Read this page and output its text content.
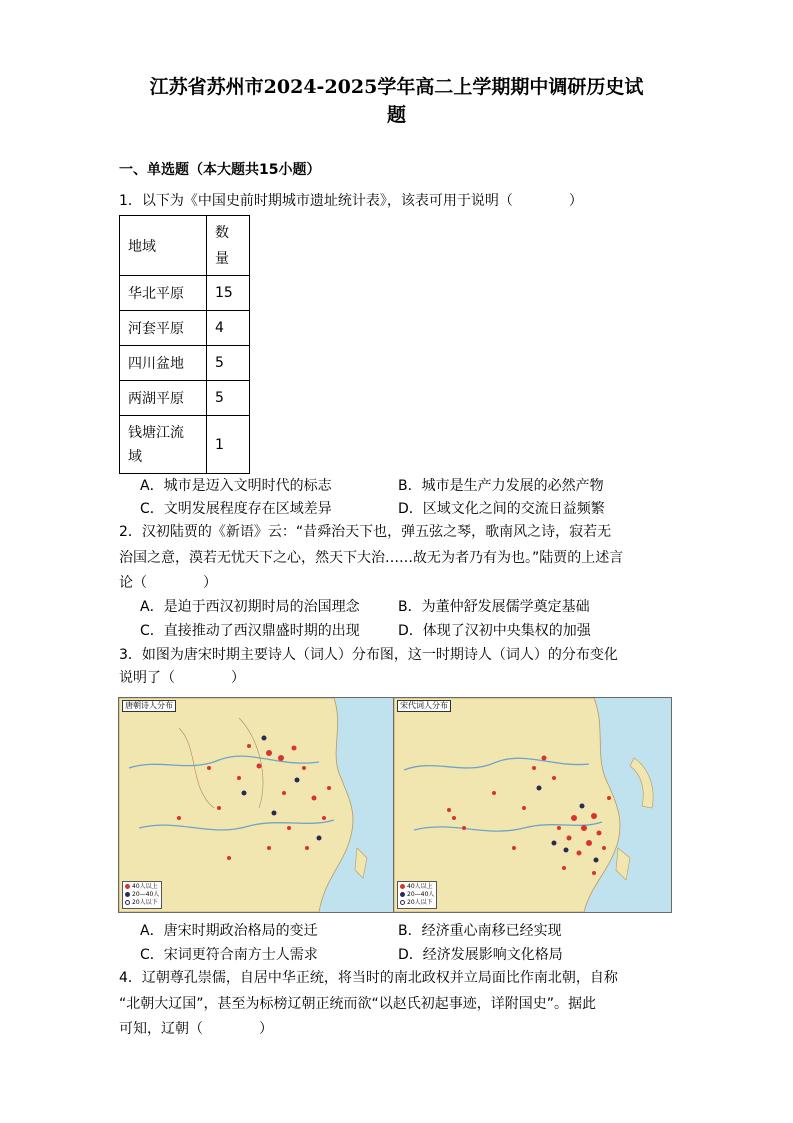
江苏省苏州市2024-2025学年高二上学期期中调研历史试
题
一、单选题（本大题共15小题）
1．以下为《中国史前时期城市遗址统计表》，该表可用于说明（　　　　）
地域	数
量

华北平原	15
河套平原	4
四川盆地	5
两湖平原	5

钱塘江流
域	1
A．城市是迈入文明时代的标志	B．城市是生产力发展的必然产物
C．文明发展程度存在区域差异	D．区域文化之间的交流日益频繁
2．汉初陆贾的《新语》云：“昔舜治天下也，弹五弦之琴，歌南风之诗，寂若无
治国之意，漠若无忧天下之心，然天下大治……故无为者乃有为也。”陆贾的上述言
论（　　　　）
A．是迫于西汉初期时局的治国理念	B．为董仲舒发展儒学奠定基础
C．直接推动了西汉鼎盛时期的出现	D．体现了汉初中央集权的加强
3．如图为唐宋时期主要诗人（词人）分布图，这一时期诗人（词人）的分布变化
说明了（　　　　）
唐朝诗人分布
40人以上
20—40人
20人以下
宋代词人分布
40人以上
20—40人
20人以下
A．唐宋时期政治格局的变迁	B．经济重心南移已经实现
C．宋词更符合南方士人需求	D．经济发展影响文化格局
4．辽朝尊孔崇儒，自居中华正统，将当时的南北政权并立局面比作南北朝，自称
“北朝大辽国”，甚至为标榜辽朝正统而欲“以赵氏初起事迹，详附国史”。据此
可知，辽朝（　　　　）
